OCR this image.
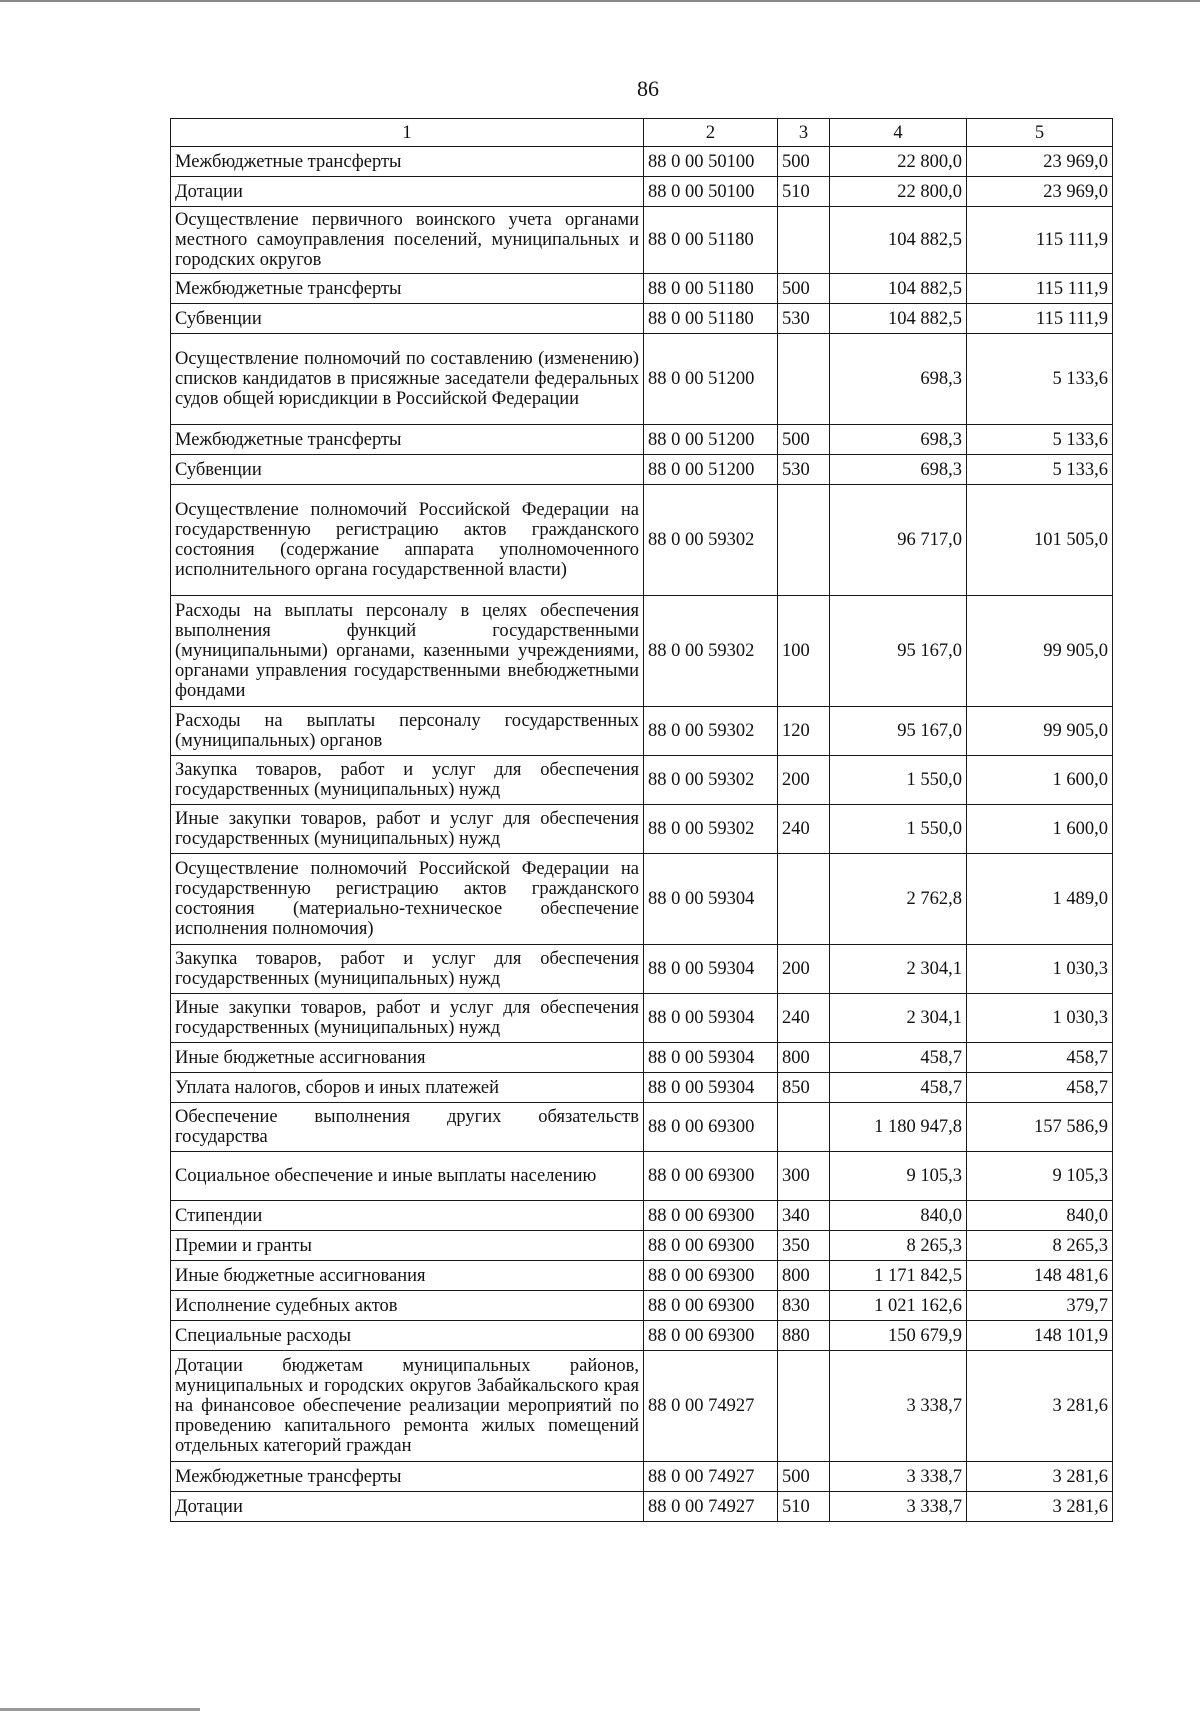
86
1	2	3	4	5
Межбюджетные трансферты	88 0 00 50100	500	22 800,0	23 969,0
Дотации	88 0 00 50100	510	22 800,0	23 969,0
Осуществление первичного воинского учета органами местного самоуправления поселений, муниципальных и городских округов	88 0 00 51180		104 882,5	115 111,9
Межбюджетные трансферты	88 0 00 51180	500	104 882,5	115 111,9
Субвенции	88 0 00 51180	530	104 882,5	115 111,9
Осуществление полномочий по составлению (изменению) списков кандидатов в присяжные заседатели федеральных судов общей юрисдикции в Российской Федерации	88 0 00 51200		698,3	5 133,6
Межбюджетные трансферты	88 0 00 51200	500	698,3	5 133,6
Субвенции	88 0 00 51200	530	698,3	5 133,6
Осуществление полномочий Российской Федерации на государственную регистрацию актов гражданского состояния (содержание аппарата уполномоченного исполнительного органа государственной власти)	88 0 00 59302		96 717,0	101 505,0
Расходы на выплаты персоналу в целях обеспечения выполнения функций государственными (муниципальными) органами, казенными учреждениями, органами управления государственными внебюджетными фондами	88 0 00 59302	100	95 167,0	99 905,0
Расходы на выплаты персоналу государственных (муниципальных) органов	88 0 00 59302	120	95 167,0	99 905,0
Закупка товаров, работ и услуг для обеспечения государственных (муниципальных) нужд	88 0 00 59302	200	1 550,0	1 600,0
Иные закупки товаров, работ и услуг для обеспечения государственных (муниципальных) нужд	88 0 00 59302	240	1 550,0	1 600,0
Осуществление полномочий Российской Федерации на государственную регистрацию актов гражданского состояния (материально-техническое обеспечение исполнения полномочия)	88 0 00 59304		2 762,8	1 489,0
Закупка товаров, работ и услуг для обеспечения государственных (муниципальных) нужд	88 0 00 59304	200	2 304,1	1 030,3
Иные закупки товаров, работ и услуг для обеспечения государственных (муниципальных) нужд	88 0 00 59304	240	2 304,1	1 030,3
Иные бюджетные ассигнования	88 0 00 59304	800	458,7	458,7
Уплата налогов, сборов и иных платежей	88 0 00 59304	850	458,7	458,7
Обеспечение выполнения других обязательств государства	88 0 00 69300		1 180 947,8	157 586,9
Социальное обеспечение и иные выплаты населению	88 0 00 69300	300	9 105,3	9 105,3
Стипендии	88 0 00 69300	340	840,0	840,0
Премии и гранты	88 0 00 69300	350	8 265,3	8 265,3
Иные бюджетные ассигнования	88 0 00 69300	800	1 171 842,5	148 481,6
Исполнение судебных актов	88 0 00 69300	830	1 021 162,6	379,7
Специальные расходы	88 0 00 69300	880	150 679,9	148 101,9
Дотации бюджетам муниципальных районов, муниципальных и городских округов Забайкальского края на финансовое обеспечение реализации мероприятий по проведению капитального ремонта жилых помещений отдельных категорий граждан	88 0 00 74927		3 338,7	3 281,6
Межбюджетные трансферты	88 0 00 74927	500	3 338,7	3 281,6
Дотации	88 0 00 74927	510	3 338,7	3 281,6
